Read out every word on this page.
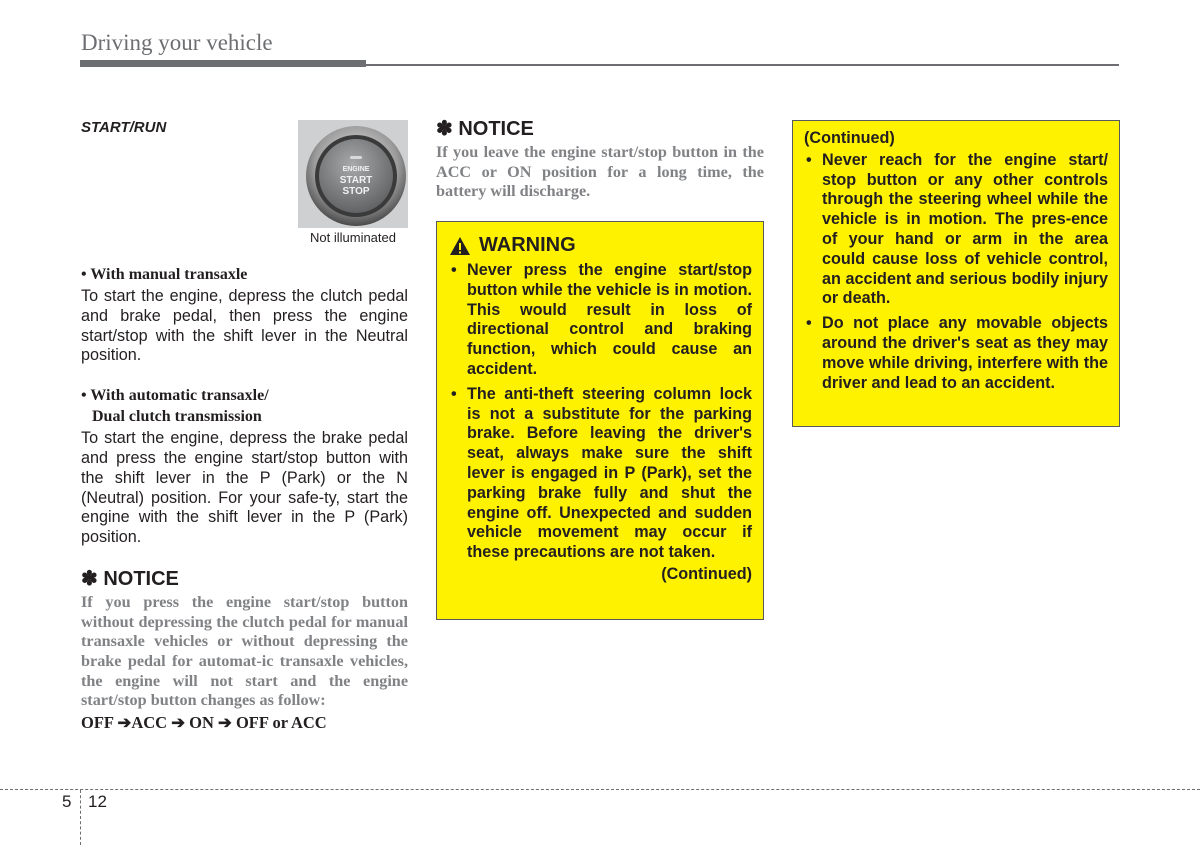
Driving your vehicle
START/RUN
ENGINE
START
STOP
Not illuminated
• With manual transaxle

To start the engine, depress the clutch pedal and brake pedal, then press the engine start/stop with the shift lever in the Neutral position.

• With automatic transaxle/
Dual clutch transmission

To start the engine, depress the brake pedal and press the engine start/stop button with the shift lever in the P (Park) or the N (Neutral) position. For your safe-ty, start the engine with the shift lever in the P (Park) position.

✽ NOTICE

If you press the engine start/stop button without depressing the clutch pedal for manual transaxle vehicles or without depressing the brake pedal for automat-ic transaxle vehicles, the engine will not start and the engine start/stop button changes as follow:

OFF ➔ACC ➔ ON ➔ OFF or ACC

✽ NOTICE

If you leave the engine start/stop button in the ACC or ON position for a long time, the battery will discharge.

WARNING
• Never press the engine start/stop button while the vehicle is in motion. This would result in loss of directional control and braking function, which could cause an accident.
• The anti-theft steering column lock is not a substitute for the parking brake. Before leaving the driver's seat, always make sure the shift lever is engaged in P (Park), set the parking brake fully and shut the engine off. Unexpected and sudden vehicle movement may occur if these precautions are not taken.
(Continued)
(Continued)
• Never reach for the engine start/ stop button or any other controls through the steering wheel while the vehicle is in motion. The pres-ence of your hand or arm in the area could cause loss of vehicle control, an accident and serious bodily injury or death.
• Do not place any movable objects around the driver's seat as they may move while driving, interfere with the driver and lead to an accident.
5 12
